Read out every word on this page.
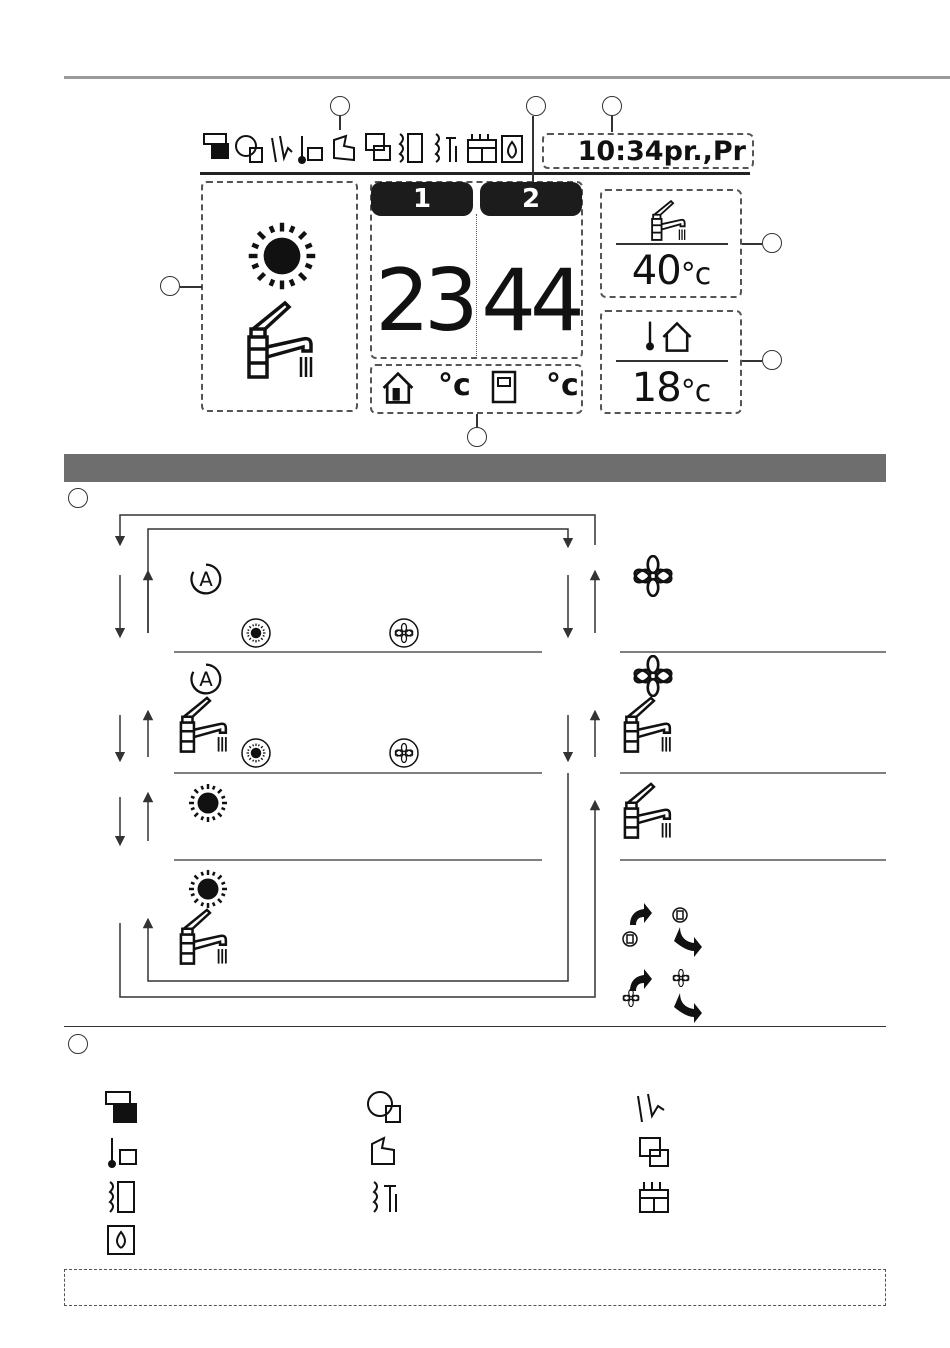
10:34pr.,Pr
1	2
23 44
°c	°c
40°c
18°c
